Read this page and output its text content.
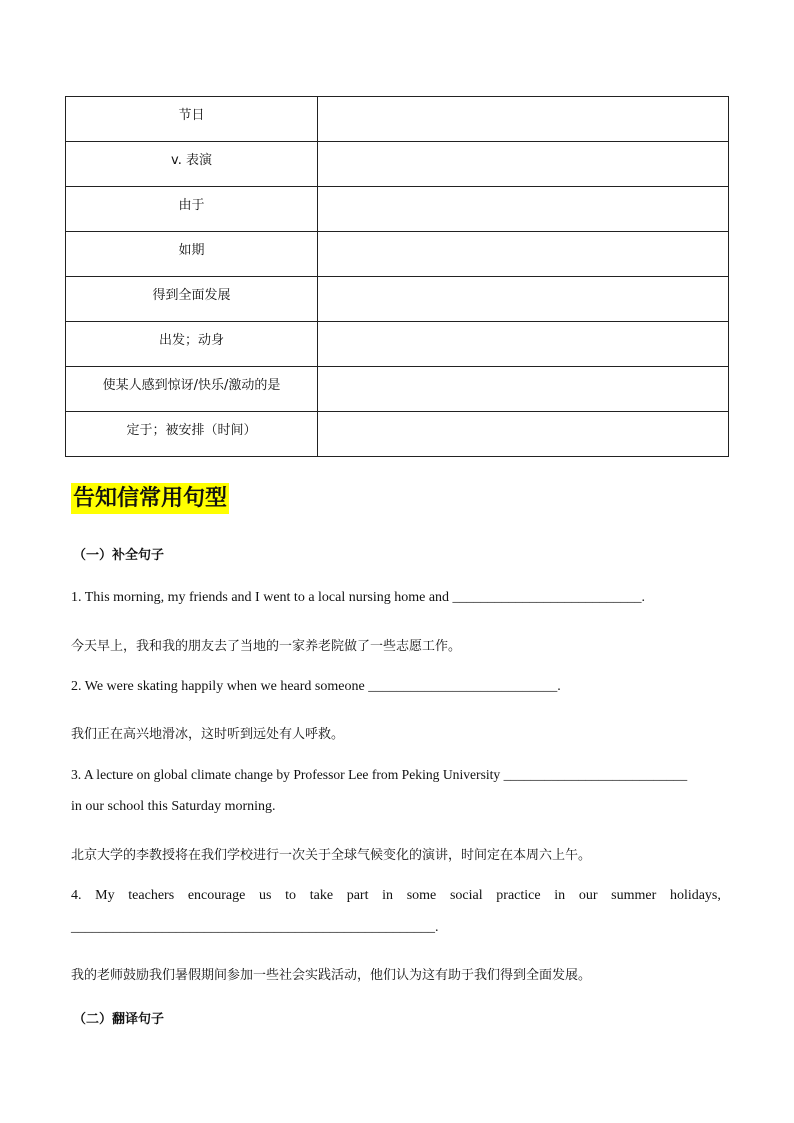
节日	
v. 表演	
由于	
如期	
得到全面发展	
出发；动身	
使某人感到惊讶/快乐/激动的是	
定于；被安排（时间）	
告知信常用句型
（一）补全句子
1. This morning, my friends and I went to a local nursing home and ___________________________.
今天早上，我和我的朋友去了当地的一家养老院做了一些志愿工作。
2. We were skating happily when we heard someone ___________________________.
我们正在高兴地滑冰，这时听到远处有人呼救。
3. A lecture on global climate change by Professor Lee from Peking University ___________________________
in our school this Saturday morning.
北京大学的李教授将在我们学校进行一次关于全球气候变化的演讲，时间定在本周六上午。
4. My teachers encourage us to take part in some social practice in our summer holidays,
____________________________________________________.
我的老师鼓励我们暑假期间参加一些社会实践活动，他们认为这有助于我们得到全面发展。
（二）翻译句子
